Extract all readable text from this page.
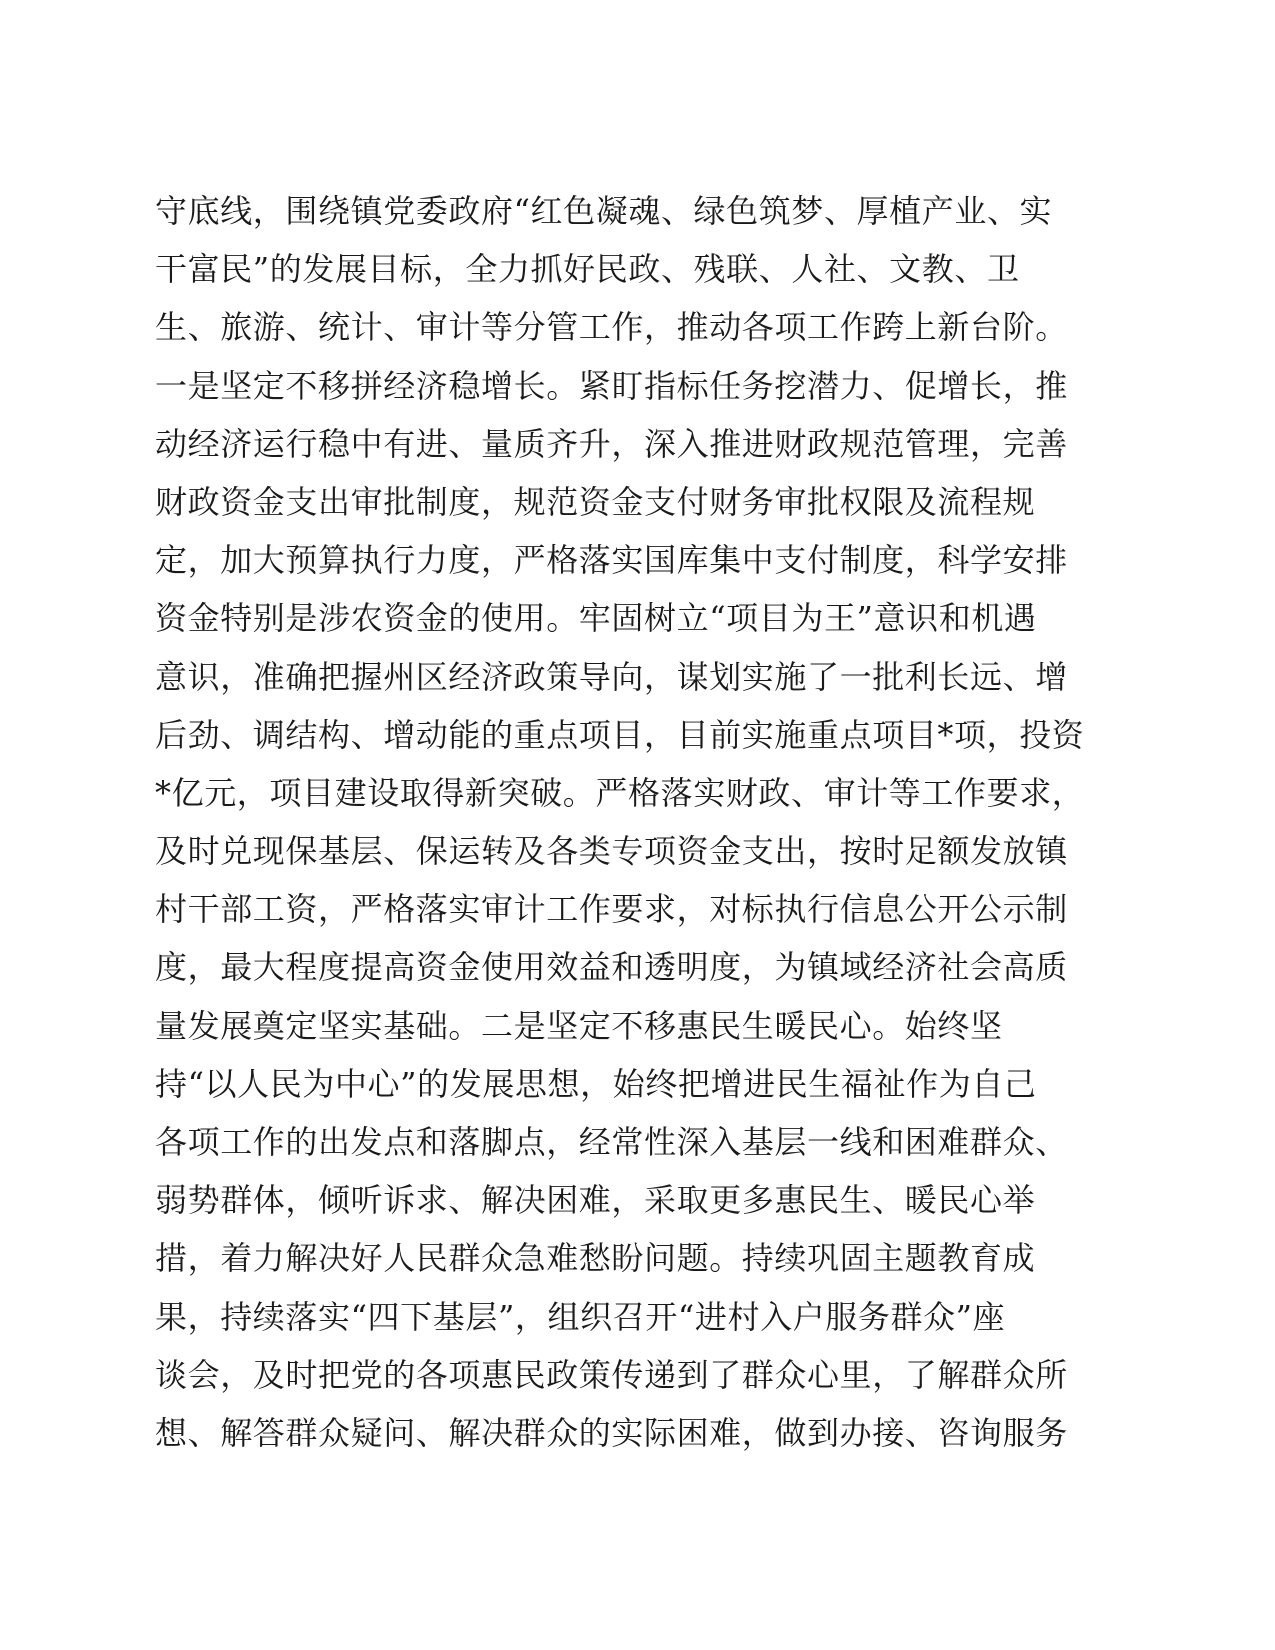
守底线，围绕镇党委政府“红色凝魂、绿色筑梦、厚植产业、实
干富民”的发展目标，全力抓好民政、残联、人社、文教、卫
生、旅游、统计、审计等分管工作，推动各项工作跨上新台阶。
一是坚定不移拼经济稳增长。紧盯指标任务挖潜力、促增长，推
动经济运行稳中有进、量质齐升，深入推进财政规范管理，完善
财政资金支出审批制度，规范资金支付财务审批权限及流程规
定，加大预算执行力度，严格落实国库集中支付制度，科学安排
资金特别是涉农资金的使用。牢固树立“项目为王”意识和机遇
意识，准确把握州区经济政策导向，谋划实施了一批利长远、增
后劲、调结构、增动能的重点项目，目前实施重点项目*项，投资
*亿元，项目建设取得新突破。严格落实财政、审计等工作要求，
及时兑现保基层、保运转及各类专项资金支出，按时足额发放镇
村干部工资，严格落实审计工作要求，对标执行信息公开公示制
度，最大程度提高资金使用效益和透明度，为镇域经济社会高质
量发展奠定坚实基础。二是坚定不移惠民生暖民心。始终坚
持“以人民为中心”的发展思想，始终把增进民生福祉作为自己
各项工作的出发点和落脚点，经常性深入基层一线和困难群众、
弱势群体，倾听诉求、解决困难，采取更多惠民生、暖民心举
措，着力解决好人民群众急难愁盼问题。持续巩固主题教育成
果，持续落实“四下基层”，组织召开“进村入户服务群众”座
谈会，及时把党的各项惠民政策传递到了群众心里，了解群众所
想、解答群众疑问、解决群众的实际困难，做到办接、咨询服务
